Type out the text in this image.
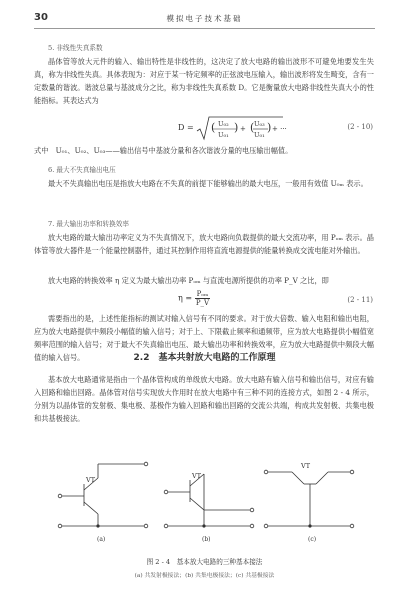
30	模拟电子技术基础
5. 非线性失真系数
晶体管等放大元件的输入、输出特性是非线性的，这决定了放大电路的输出波形不可避免地要发生失真，称为非线性失真。具体表现为：对应于某一特定频率的正弦波电压输入，输出波形将发生畸变，含有一定数量的谐波。谐波总量与基波成分之比，称为非线性失真系数 D。它是衡量放大电路非线性失真大小的性能指标。其表达式为
D =	U₀₂
U₀₁
( ) + ( U₀₃
U₀₁
) + ···	(2 - 10)
式中　U₀₁、U₀₂、U₀₃——输出信号中基波分量和各次谐波分量的电压输出幅值。
6. 最大不失真输出电压
最大不失真输出电压是指放大电路在不失真的前提下能够输出的最大电压，一般用有效值 U₀ₘ 表示。
7. 最大输出功率和转换效率
放大电路的最大输出功率定义为不失真情况下，放大电路向负载提供的最大交流功率，用 Pₒₘ 表示。晶体管等放大器件是一个能量控制器件，通过其控制作用将直流电源提供的能量转换成交流电能对外输出。
放大电路的转换效率 η 定义为最大输出功率 Pₒₘ 与直流电源所提供的功率 P_V 之比，即
$\eta = \frac{\text{Pₒₘ}}{P\_V}$	(2 - 11)
需要指出的是，上述性能指标的测试对输入信号有不同的要求。对于放大倍数、输入电阻和输出电阻，应为放大电路提供中频段小幅值的输入信号；对于上、下限截止频率和通频带，应为放大电路提供小幅值宽频率范围的输入信号；对于最大不失真输出电压、最大输出功率和转换效率，应为放大电路提供中频段大幅值的输入信号。	2.2　基本共射放大电路的工作原理
基本放大电路通常是指由一个晶体管构成的单级放大电路。放大电路有输入信号和输出信号，对应有输入回路和输出回路。晶体管对信号实现放大作用时在放大电路中有三种不同的连接方式，如图 2 - 4 所示，分别为以晶体管的发射极、集电极、基极作为输入回路和输出回路的交流公共端，构成共发射极、共集电极和共基极接法。
VT	VT
VT
(a)	(b)	(c)
图 2 - 4　基本放大电路的三种基本接法
(a) 共发射极接法；(b) 共集电极接法；(c) 共基极接法
